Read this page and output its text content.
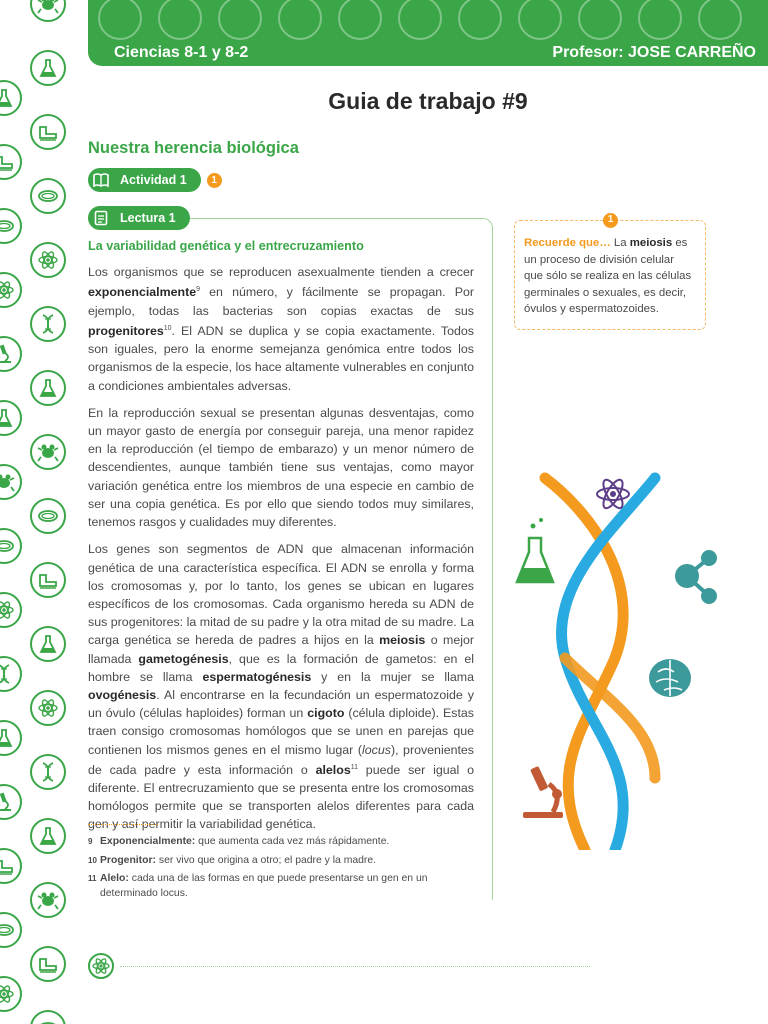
Ciencias 8-1 y 8-2	Profesor: JOSE CARREÑO
Guia de trabajo #9
Nuestra herencia biológica
Actividad 1	1
Lectura 1
La variabilidad genética y el entrecruzamiento

Los organismos que se reproducen asexualmente tienden a crecer exponencialmente$^9$ en número, y fácilmente se propagan. Por ejemplo, todas las bacterias son copias exactas de sus progenitores$^{10}$. El ADN se duplica y se copia exactamente. Todos son iguales, pero la enorme semejanza genómica entre todos los organismos de la especie, los hace altamente vulnerables en conjunto a condiciones ambientales adversas.

En la reproducción sexual se presentan algunas desventajas, como un mayor gasto de energía por conseguir pareja, una menor rapidez en la reproducción (el tiempo de embarazo) y un menor número de descendientes, aunque también tiene sus ventajas, como mayor variación genética entre los miembros de una especie en cambio de ser una copia genética. Es por ello que siendo todos muy similares, tenemos rasgos y cualidades muy diferentes.

Los genes son segmentos de ADN que almacenan información genética de una característica específica. El ADN se enrolla y forma los cromosomas y, por lo tanto, los genes se ubican en lugares específicos de los cromosomas. Cada organismo hereda su ADN de sus progenitores: la mitad de su padre y la otra mitad de su madre. La carga genética se hereda de padres a hijos en la meiosis o mejor llamada gametogénesis, que es la formación de gametos: en el hombre se llama espermatogénesis y en la mujer se llama ovogénesis. Al encontrarse en la fecundación un espermatozoide y un óvulo (células haploides) forman un cigoto (célula diploide). Estas traen consigo cromosomas homólogos que se unen en parejas que contienen los mismos genes en el mismo lugar (locus), provenientes de cada padre y esta información o alelos$^{11}$ puede ser igual o diferente. El entrecruzamiento que se presenta entre los cromosomas homólogos permite que se transporten alelos diferentes para cada gen y así permitir la variabilidad genética.

9 Exponencialmente: que aumenta cada vez más rápidamente.
10 Progenitor: ser vivo que origina a otro; el padre y la madre.
11 Alelo: cada una de las formas en que puede presentarse un gen en un determinado locus.
1
Recuerde que… La meiosis es un proceso de división celular que sólo se realiza en las células germinales o sexuales, es decir, óvulos y espermatozoides.
